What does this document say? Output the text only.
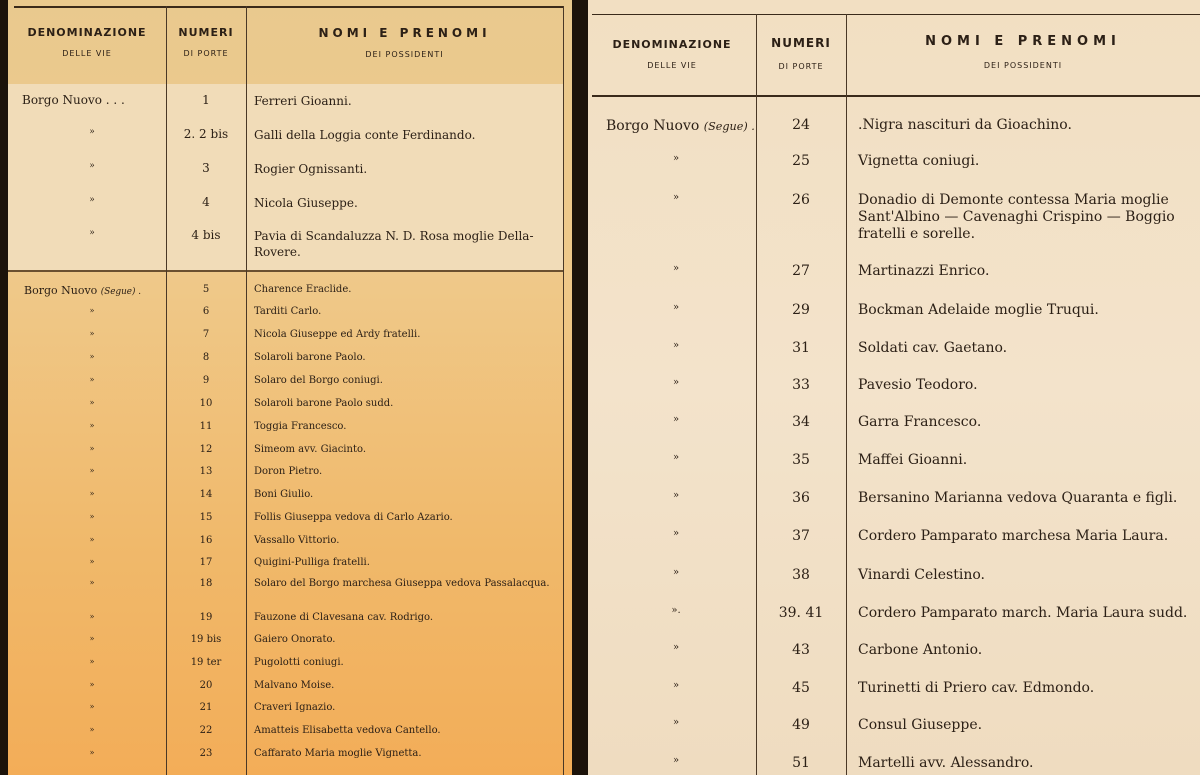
DENOMINAZIONE
DELLE VIE
NUMERI
DI PORTE
NOMI E PRENOMI
DEI POSSIDENTI
Borgo Nuovo . . .	1	Ferreri Gioanni.
»	2. 2 bis	Galli della Loggia conte Ferdinando.
»	3	Rogier Ognissanti.
»	4	Nicola Giuseppe.
»	4 bis	Pavia di Scandaluzza N. D. Rosa moglie Della-Rovere.
Borgo Nuovo (Segue) .	5	Charence Eraclide.
»	6	Tarditi Carlo.
»	7	Nicola Giuseppe ed Ardy fratelli.
»	8	Solaroli barone Paolo.
»	9	Solaro del Borgo coniugi.
»	10	Solaroli barone Paolo sudd.
»	11	Toggia Francesco.
»	12	Simeom avv. Giacinto.
»	13	Doron Pietro.
»	14	Boni Giulio.
»	15	Follis Giuseppa vedova di Carlo Azario.
»	16	Vassallo Vittorio.
»	17	Quigini-Pulliga fratelli.
»	18	Solaro del Borgo marchesa Giuseppa vedova Passalacqua.
»	19	Fauzone di Clavesana cav. Rodrigo.
»	19 bis	Gaiero Onorato.
»	19 ter	Pugolotti coniugi.
»	20	Malvano Moise.
»	21	Craveri Ignazio.
»	22	Amatteis Elisabetta vedova Cantello.
»	23	Caffarato Maria moglie Vignetta.
DENOMINAZIONE
DELLE VIE
NUMERI
DI PORTE
NOMI E PRENOMI
DEI POSSIDENTI
Borgo Nuovo (Segue) .	24	.Nigra nascituri da Gioachino.
»	25	Vignetta coniugi.
»	26	Donadio di Demonte contessa Maria moglie Sant'Albino — Cavenaghi Crispino — Boggio fratelli e sorelle.
»	27	Martinazzi Enrico.
»	29	Bockman Adelaide moglie Truqui.
»	31	Soldati cav. Gaetano.
»	33	Pavesio Teodoro.
»	34	Garra Francesco.
»	35	Maffei Gioanni.
»	36	Bersanino Marianna vedova Quaranta e figli.
»	37	Cordero Pamparato marchesa Maria Laura.
»	38	Vinardi Celestino.
».	39. 41	Cordero Pamparato march. Maria Laura sudd.
»	43	Carbone Antonio.
»	45	Turinetti di Priero cav. Edmondo.
»	49	Consul Giuseppe.
»	51	Martelli avv. Alessandro.
